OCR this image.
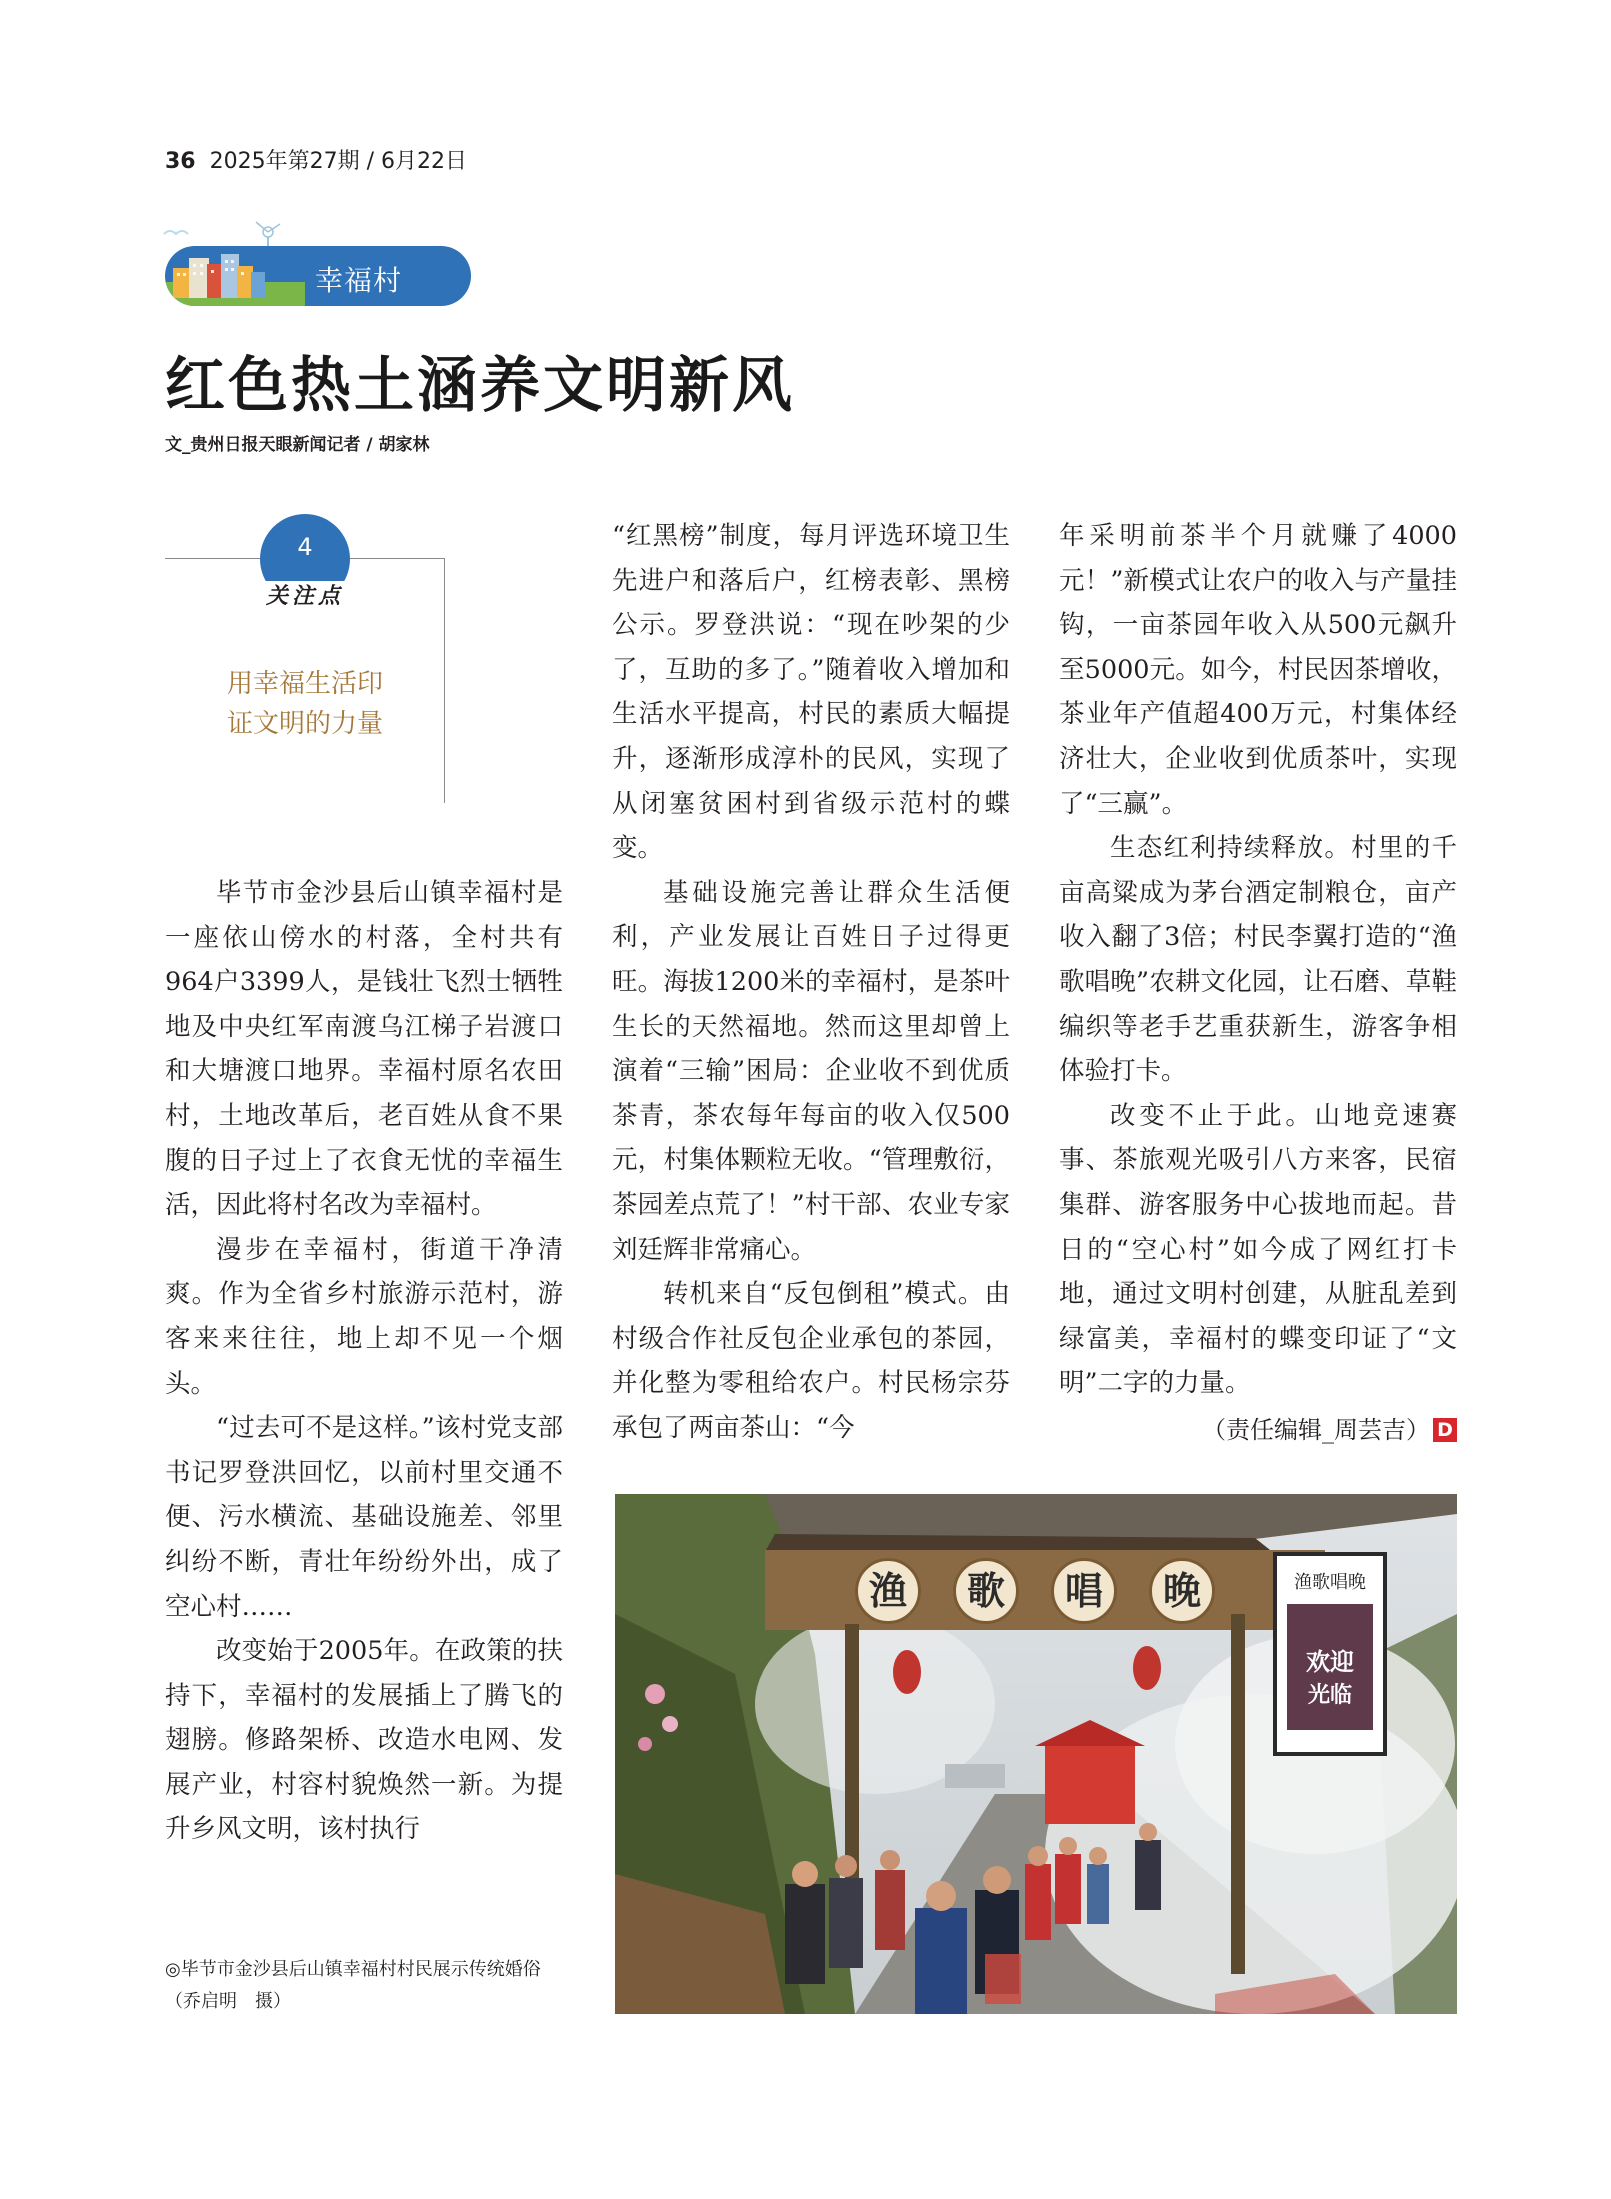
36 2025年第27期 / 6月22日
幸福村
红色热土涵养文明新风
文_贵州日报天眼新闻记者 / 胡家林
4
关注点
用幸福生活印
证文明的力量

毕节市金沙县后山镇幸福村是一座依山傍水的村落，全村共有964户3399人，是钱壮飞烈士牺牲地及中央红军南渡乌江梯子岩渡口和大塘渡口地界。幸福村原名农田村，土地改革后，老百姓从食不果腹的日子过上了衣食无忧的幸福生活，因此将村名改为幸福村。

漫步在幸福村，街道干净清爽。作为全省乡村旅游示范村，游客来来往往，地上却不见一个烟头。

“过去可不是这样。”该村党支部书记罗登洪回忆，以前村里交通不便、污水横流、基础设施差、邻里纠纷不断，青壮年纷纷外出，成了空心村……

改变始于2005年。在政策的扶持下，幸福村的发展插上了腾飞的翅膀。修路架桥、改造水电网、发展产业，村容村貌焕然一新。为提升乡风文明，该村执行

“红黑榜”制度，每月评选环境卫生先进户和落后户，红榜表彰、黑榜公示。罗登洪说：“现在吵架的少了，互助的多了。”随着收入增加和生活水平提高，村民的素质大幅提升，逐渐形成淳朴的民风，实现了从闭塞贫困村到省级示范村的蝶变。

基础设施完善让群众生活便利，产业发展让百姓日子过得更旺。海拔1200米的幸福村，是茶叶生长的天然福地。然而这里却曾上演着“三输”困局：企业收不到优质茶青，茶农每年每亩的收入仅500元，村集体颗粒无收。“管理敷衍，茶园差点荒了！”村干部、农业专家刘廷辉非常痛心。

转机来自“反包倒租”模式。由村级合作社反包企业承包的茶园，并化整为零租给农户。村民杨宗芬承包了两亩茶山：“今

年采明前茶半个月就赚了4000元！”新模式让农户的收入与产量挂钩，一亩茶园年收入从500元飙升至5000元。如今，村民因茶增收，茶业年产值超400万元，村集体经济壮大，企业收到优质茶叶，实现了“三赢”。

生态红利持续释放。村里的千亩高粱成为茅台酒定制粮仓，亩产收入翻了3倍；村民李翼打造的“渔歌唱晚”农耕文化园，让石磨、草鞋编织等老手艺重获新生，游客争相体验打卡。

改变不止于此。山地竞速赛事、茶旅观光吸引八方来客，民宿集群、游客服务中心拔地而起。昔日的“空心村”如今成了网红打卡地，通过文明村创建，从脏乱差到绿富美，幸福村的蝶变印证了“文明”二字的力量。

（责任编辑_周芸吉） D
渔	歌	唱	晚	渔歌唱晚
欢迎
光临
◎毕节市金沙县后山镇幸福村村民展示传统婚俗（乔启明　摄）
